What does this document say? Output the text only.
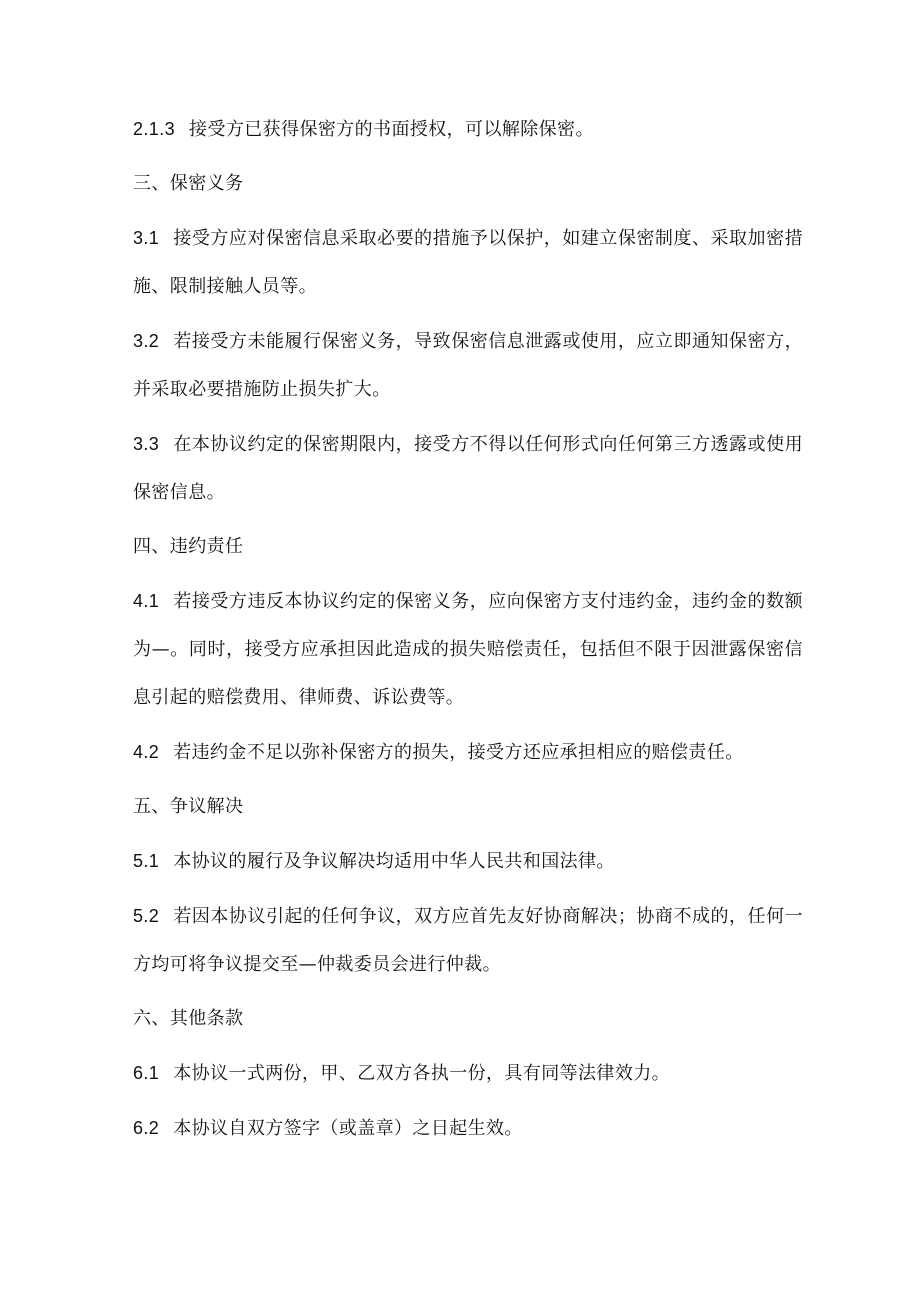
2.1.3 接受方已获得保密方的书面授权，可以解除保密。

三、保密义务

3.1 接受方应对保密信息采取必要的措施予以保护，如建立保密制度、采取加密措施、限制接触人员等。

3.2 若接受方未能履行保密义务，导致保密信息泄露或使用，应立即通知保密方，并采取必要措施防止损失扩大。

3.3 在本协议约定的保密期限内，接受方不得以任何形式向任何第三方透露或使用保密信息。

四、违约责任

4.1 若接受方违反本协议约定的保密义务，应向保密方支付违约金，违约金的数额为—。同时，接受方应承担因此造成的损失赔偿责任，包括但不限于因泄露保密信息引起的赔偿费用、律师费、诉讼费等。

4.2 若违约金不足以弥补保密方的损失，接受方还应承担相应的赔偿责任。

五、争议解决

5.1 本协议的履行及争议解决均适用中华人民共和国法律。

5.2 若因本协议引起的任何争议，双方应首先友好协商解决；协商不成的，任何一方均可将争议提交至—仲裁委员会进行仲裁。

六、其他条款

6.1 本协议一式两份，甲、乙双方各执一份，具有同等法律效力。

6.2 本协议自双方签字（或盖章）之日起生效。
